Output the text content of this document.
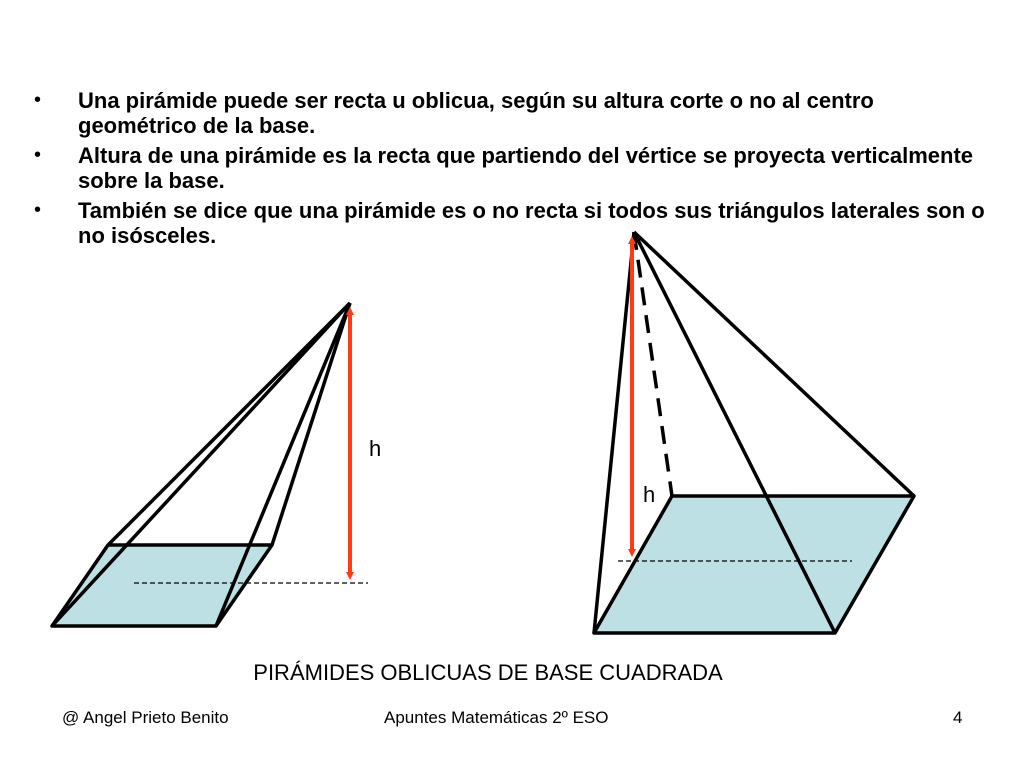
• Una pirámide puede ser recta u oblicua, según su altura corte o no al centro geométrico de la base.
• Altura de una pirámide es la recta que partiendo del vértice se proyecta verticalmente sobre la base.
• También se dice que una pirámide es o no recta si todos sus triángulos laterales son o no isósceles.
h
h
PIRÁMIDES OBLICUAS DE BASE CUADRADA
@ Angel Prieto Benito	Apuntes Matemáticas 2º ESO	4
